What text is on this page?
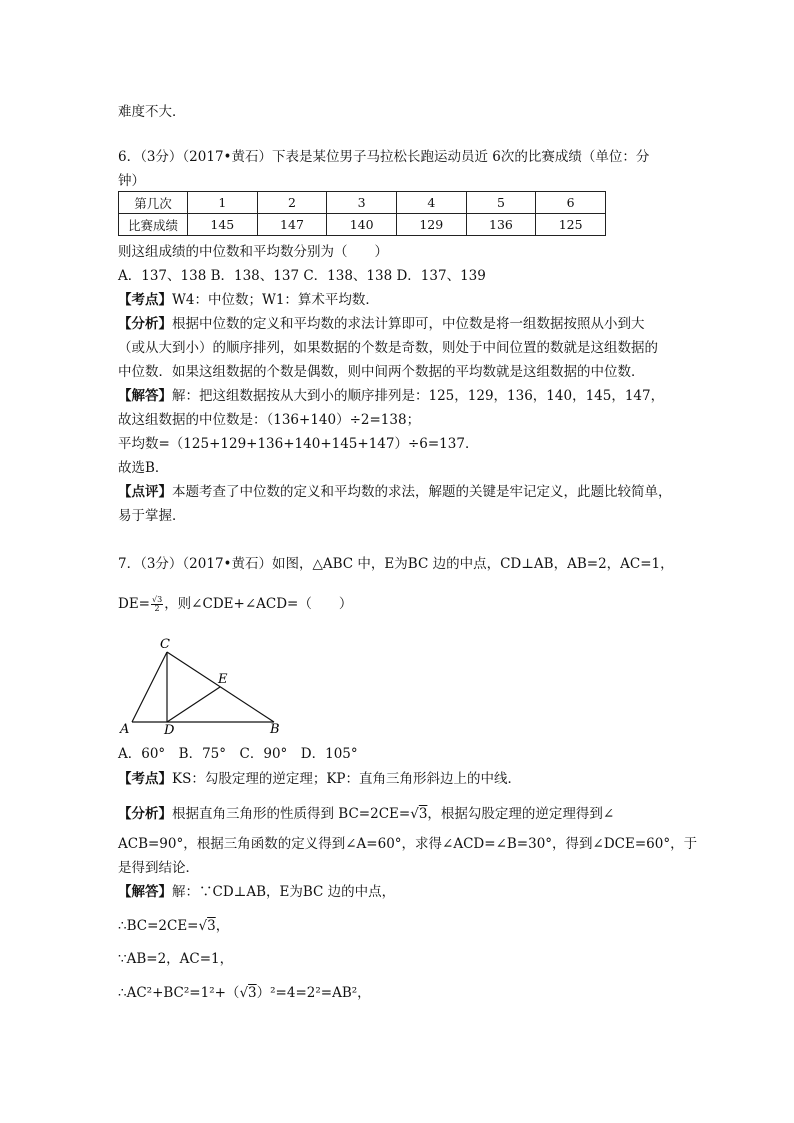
难度不大．
6．（3分）（2017•黄石）下表是某位男子马拉松长跑运动员近 6次的比赛成绩（单位：分
钟）
第几次	1	2	3	4	5	6
比赛成绩	145	147	140	129	136	125
则这组成绩的中位数和平均数分别为（　　）
A．137、138 B．138、137 C．138、138 D．137、139
【考点】W4：中位数；W1：算术平均数．
【分析】根据中位数的定义和平均数的求法计算即可，中位数是将一组数据按照从小到大
（或从大到小）的顺序排列，如果数据的个数是奇数，则处于中间位置的数就是这组数据的
中位数．如果这组数据的个数是偶数，则中间两个数据的平均数就是这组数据的中位数．
【解答】解：把这组数据按从大到小的顺序排列是：125，129，136，140，145，147，
故这组数据的中位数是：（136+140）÷2=138；
平均数=（125+129+136+140+145+147）÷6=137．
故选B．
【点评】本题考查了中位数的定义和平均数的求法，解题的关键是牢记定义，此题比较简单，
易于掌握．
7．（3分）（2017•黄石）如图，△ABC 中，E为BC 边的中点，CD⊥AB，AB=2，AC=1，
$DE= \frac{√3}{2}$ ，则∠CDE+∠ACD=（　　）
C
E
A	D	B
A．60°　B．75°　C．90°　D．105°
【考点】KS：勾股定理的逆定理；KP：直角三角形斜边上的中线．
【分析】根据直角三角形的性质得到 BC=2CE=√3，根据勾股定理的逆定理得到∠
ACB=90°，根据三角函数的定义得到∠A=60°，求得∠ACD=∠B=30°，得到∠DCE=60°，于
是得到结论．
【解答】解：∵CD⊥AB，E为BC 边的中点，
∴BC=2CE=√3，
∵AB=2，AC=1，
∴AC²+BC²=1²+（√3）²=4=2²=AB²，
